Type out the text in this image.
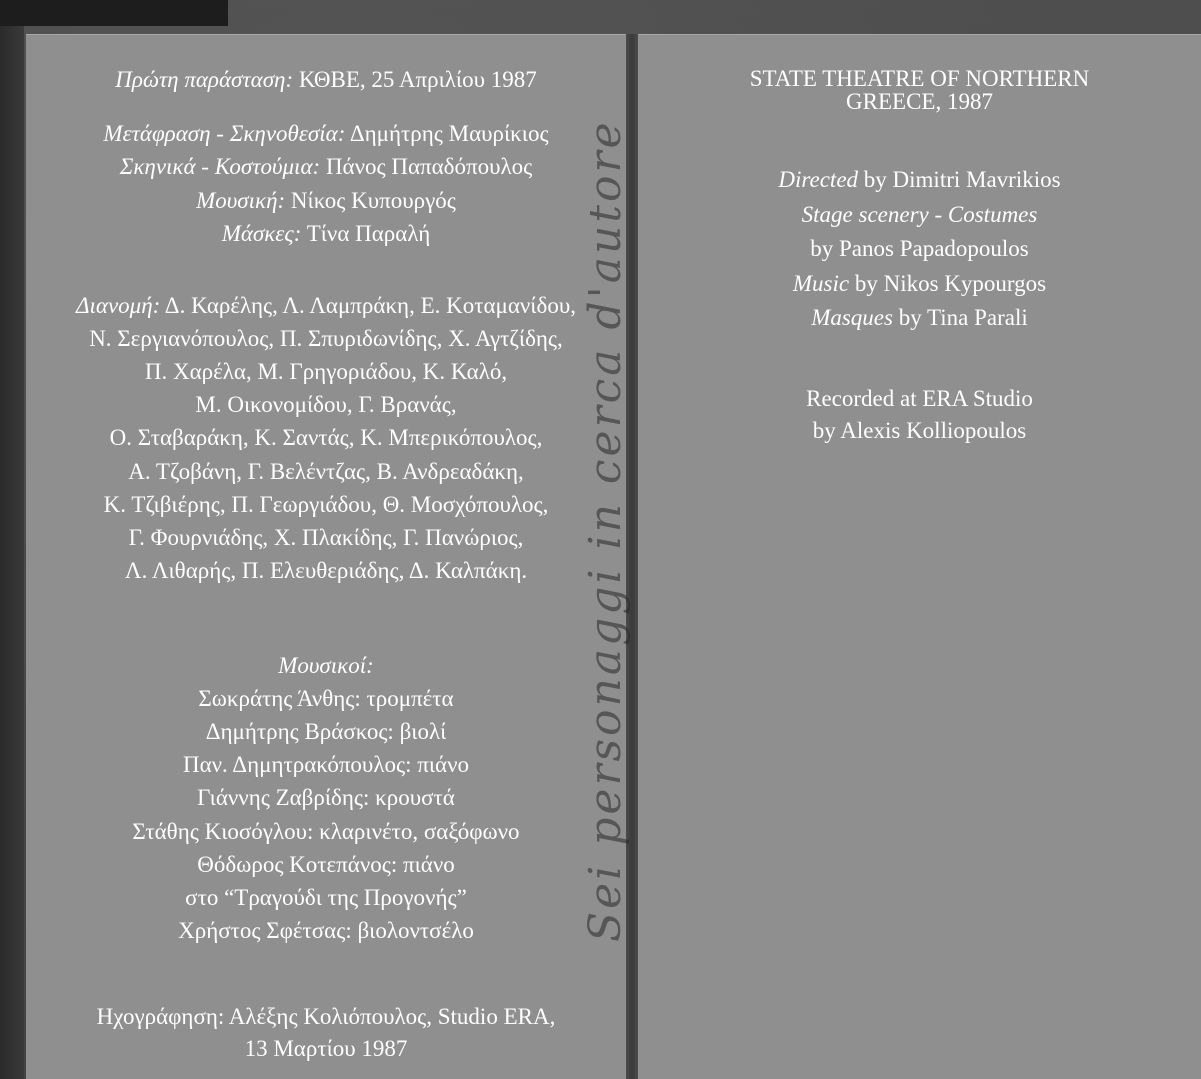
Πρώτη παράσταση: ΚΘΒΕ, 25 Απριλίου 1987
Μετάφραση - Σκηνοθεσία: Δημήτρης Μαυρίκιος
Σκηνικά - Κοστούμια: Πάνος Παπαδόπουλος
Μουσική: Νίκος Κυπουργός
Μάσκες: Τίνα Παραλή
Διανομή: Δ. Καρέλης, Λ. Λαμπράκη, Ε. Κοταμανίδου,
Ν. Σεργιανόπουλος, Π. Σπυριδωνίδης, Χ. Αγτζίδης,
Π. Χαρέλα, Μ. Γρηγοριάδου, Κ. Καλό,
Μ. Οικονομίδου, Γ. Βρανάς,
Ο. Σταβαράκη, Κ. Σαντάς, Κ. Μπερικόπουλος,
Α. Τζοβάνη, Γ. Βελέντζας, Β. Ανδρεαδάκη,
Κ. Τζιβιέρης, Π. Γεωργιάδου, Θ. Μοσχόπουλος,
Γ. Φουρνιάδης, Χ. Πλακίδης, Γ. Πανώριος,
Λ. Λιθαρής, Π. Ελευθεριάδης, Δ. Καλπάκη.
Μουσικοί:
Σωκράτης Άνθης: τρομπέτα
Δημήτρης Βράσκος: βιολί
Παν. Δημητρακόπουλος: πιάνο
Γιάννης Ζαβρίδης: κρουστά
Στάθης Κιοσόγλου: κλαρινέτο, σαξόφωνο
Θόδωρος Κοτεπάνος: πιάνο
στο “Τραγούδι της Προγονής”
Χρήστος Σφέτσας: βιολοντσέλο
Ηχογράφηση: Αλέξης Κολιόπουλος, Studio ERA,
13 Μαρτίου 1987
STATE THEATRE OF NORTHERN
GREECE, 1987
Directed by Dimitri Mavrikios
Stage scenery - Costumes
by Panos Papadopoulos
Music by Nikos Kypourgos
Masques by Tina Parali
Recorded at ERA Studio
by Alexis Kolliopoulos
